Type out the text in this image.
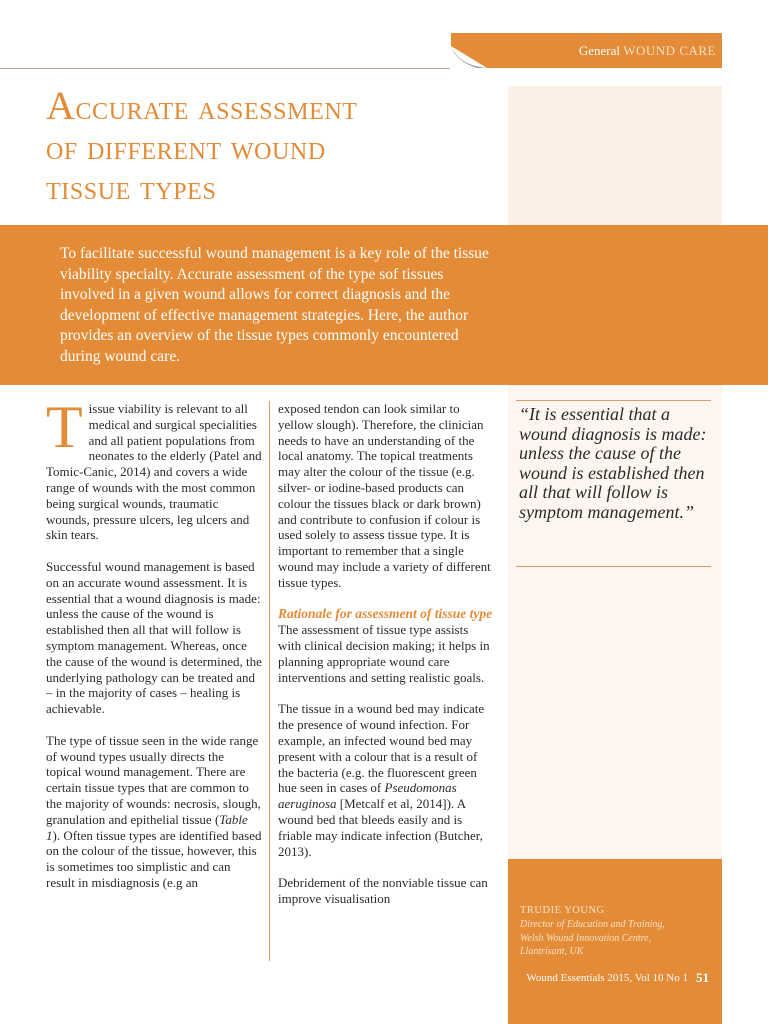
General WOUND CARE
Accurate assessment
of different wound
tissue types

To facilitate successful wound management is a key role of the tissue viability specialty. Accurate assessment of the type sof tissues involved in a given wound allows for correct diagnosis and the development of effective management strategies. Here, the author provides an overview of the tissue types commonly encountered during wound care.

Tissue viability is relevant to all medical and surgical specialities and all patient populations from neonates to the elderly (Patel and Tomic-Canic, 2014) and covers a wide range of wounds with the most common being surgical wounds, traumatic wounds, pressure ulcers, leg ulcers and skin tears.

Successful wound management is based on an accurate wound assessment. It is essential that a wound diagnosis is made: unless the cause of the wound is established then all that will follow is symptom management. Whereas, once the cause of the wound is determined, the underlying pathology can be treated and – in the majority of cases – healing is achievable.

The type of tissue seen in the wide range of wound types usually directs the topical wound management. There are certain tissue types that are common to the majority of wounds: necrosis, slough, granulation and epithelial tissue (Table 1). Often tissue types are identified based on the colour of the tissue, however, this is sometimes too simplistic and can result in misdiagnosis (e.g an

exposed tendon can look similar to yellow slough). Therefore, the clinician needs to have an understanding of the local anatomy. The topical treatments may alter the colour of the tissue (e.g. silver- or iodine-based products can colour the tissues black or dark brown) and contribute to confusion if colour is used solely to assess tissue type. It is important to remember that a single wound may include a variety of different tissue types.

Rationale for assessment of tissue type

The assessment of tissue type assists with clinical decision making; it helps in planning appropriate wound care interventions and setting realistic goals.

The tissue in a wound bed may indicate the presence of wound infection. For example, an infected wound bed may present with a colour that is a result of the bacteria (e.g. the fluorescent green hue seen in cases of Pseudomonas aeruginosa [Metcalf et al, 2014]). A wound bed that bleeds easily and is friable may indicate infection (Butcher, 2013).

Debridement of the nonviable tissue can improve visualisation

“It is essential that a wound diagnosis is made: unless the cause of the wound is established then all that will follow is symptom management.”

TRUDIE YOUNG
Director of Education and Training,
Welsh Wound Innovation Centre,
Llantrisant, UK
Wound Essentials 2015, Vol 10 No 1 51
